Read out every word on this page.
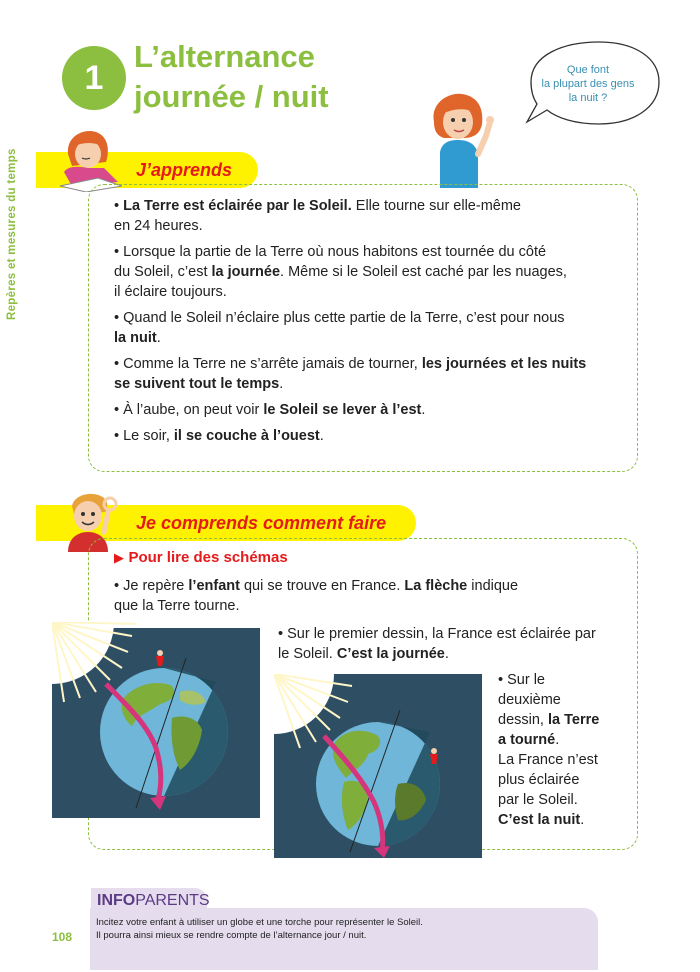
Repères et mesures du temps
1
L’alternance
journée / nuit
Que font
la plupart des gens
la nuit ?
J’apprends
• La Terre est éclairée par le Soleil. Elle tourne sur elle-même
en 24 heures.
• Lorsque la partie de la Terre où nous habitons est tournée du côté
du Soleil, c’est la journée. Même si le Soleil est caché par les nuages,
il éclaire toujours.
• Quand le Soleil n’éclaire plus cette partie de la Terre, c’est pour nous
la nuit.
• Comme la Terre ne s’arrête jamais de tourner, les journées et les nuits
se suivent tout le temps.
• À l’aube, on peut voir le Soleil se lever à l’est.
• Le soir, il se couche à l’ouest.
Je comprends comment faire
▶ Pour lire des schémas
• Je repère l’enfant qui se trouve en France. La flèche indique
que la Terre tourne.
• Sur le premier dessin, la France est éclairée par
le Soleil. C’est la journée.
• Sur le
deuxième
dessin, la Terre
a tourné.
La France n’est
plus éclairée
par le Soleil.
C’est la nuit.
INFO PARENTS
Incitez votre enfant à utiliser un globe et une torche pour représenter le Soleil.
Il pourra ainsi mieux se rendre compte de l’alternance jour / nuit.
108
